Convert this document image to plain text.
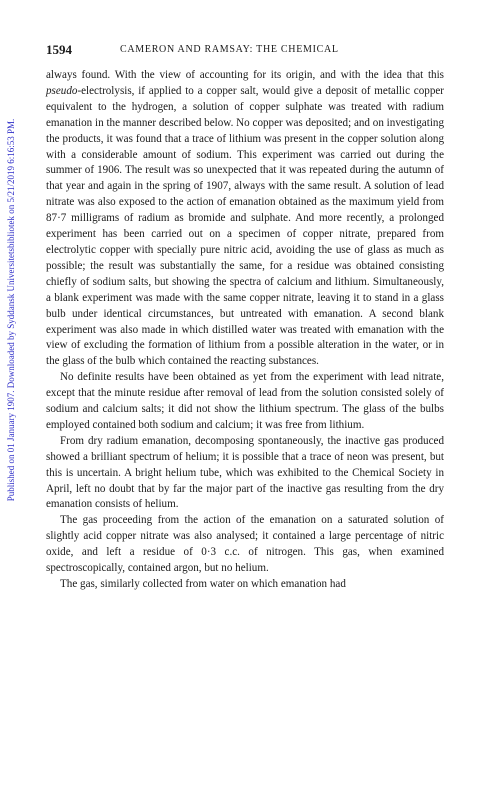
Published on 01 January 1907. Downloaded by Syddansk Universitetsbibliotek on 5/21/2019 6:16:53 PM.
1594	CAMERON AND RAMSAY: THE CHEMICAL

always found. With the view of accounting for its origin, and with the idea that this pseudo-electrolysis, if applied to a copper salt, would give a deposit of metallic copper equivalent to the hydrogen, a solution of copper sulphate was treated with radium emanation in the manner described below. No copper was deposited; and on investigating the products, it was found that a trace of lithium was present in the copper solution along with a considerable amount of sodium. This experiment was carried out during the summer of 1906. The result was so unexpected that it was repeated during the autumn of that year and again in the spring of 1907, always with the same result. A solution of lead nitrate was also exposed to the action of emanation obtained as the maximum yield from 87·7 milligrams of radium as bromide and sulphate. And more recently, a prolonged experiment has been carried out on a specimen of copper nitrate, prepared from electrolytic copper with specially pure nitric acid, avoiding the use of glass as much as possible; the result was substantially the same, for a residue was obtained consisting chiefly of sodium salts, but showing the spectra of calcium and lithium. Simultaneously, a blank experiment was made with the same copper nitrate, leaving it to stand in a glass bulb under identical circumstances, but untreated with emanation. A second blank experiment was also made in which distilled water was treated with emanation with the view of excluding the formation of lithium from a possible alteration in the water, or in the glass of the bulb which contained the reacting substances.

No definite results have been obtained as yet from the experiment with lead nitrate, except that the minute residue after removal of lead from the solution consisted solely of sodium and calcium salts; it did not show the lithium spectrum. The glass of the bulbs employed contained both sodium and calcium; it was free from lithium.

From dry radium emanation, decomposing spontaneously, the inactive gas produced showed a brilliant spectrum of helium; it is possible that a trace of neon was present, but this is uncertain. A bright helium tube, which was exhibited to the Chemical Society in April, left no doubt that by far the major part of the inactive gas resulting from the dry emanation consists of helium.

The gas proceeding from the action of the emanation on a saturated solution of slightly acid copper nitrate was also analysed; it contained a large percentage of nitric oxide, and left a residue of 0·3 c.c. of nitrogen. This gas, when examined spectroscopically, contained argon, but no helium.

The gas, similarly collected from water on which emanation had
